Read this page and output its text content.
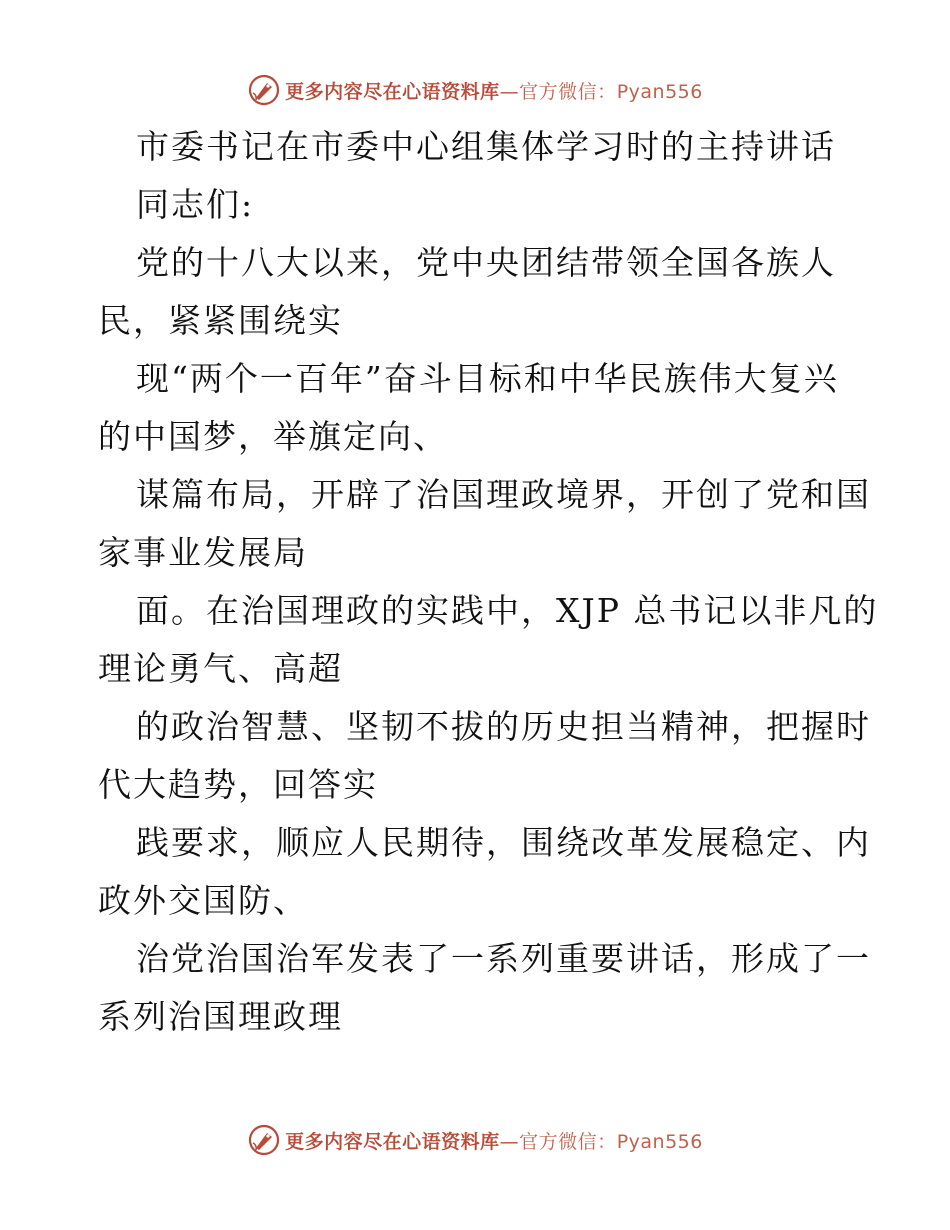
更多内容尽在心语资料库—官方微信：Pyan556
市委书记在市委中心组集体学习时的主持讲话
同志们:
党的十八大以来，党中央团结带领全国各族人
民，紧紧围绕实
现“两个一百年”奋斗目标和中华民族伟大复兴
的中国梦，举旗定向、
谋篇布局，开辟了治国理政境界，开创了党和国
家事业发展局
面。在治国理政的实践中，XJP 总书记以非凡的
理论勇气、高超
的政治智慧、坚韧不拔的历史担当精神，把握时
代大趋势，回答实
践要求，顺应人民期待，围绕改革发展稳定、内
政外交国防、
治党治国治军发表了一系列重要讲话，形成了一
系列治国理政理
更多内容尽在心语资料库—官方微信：Pyan556
